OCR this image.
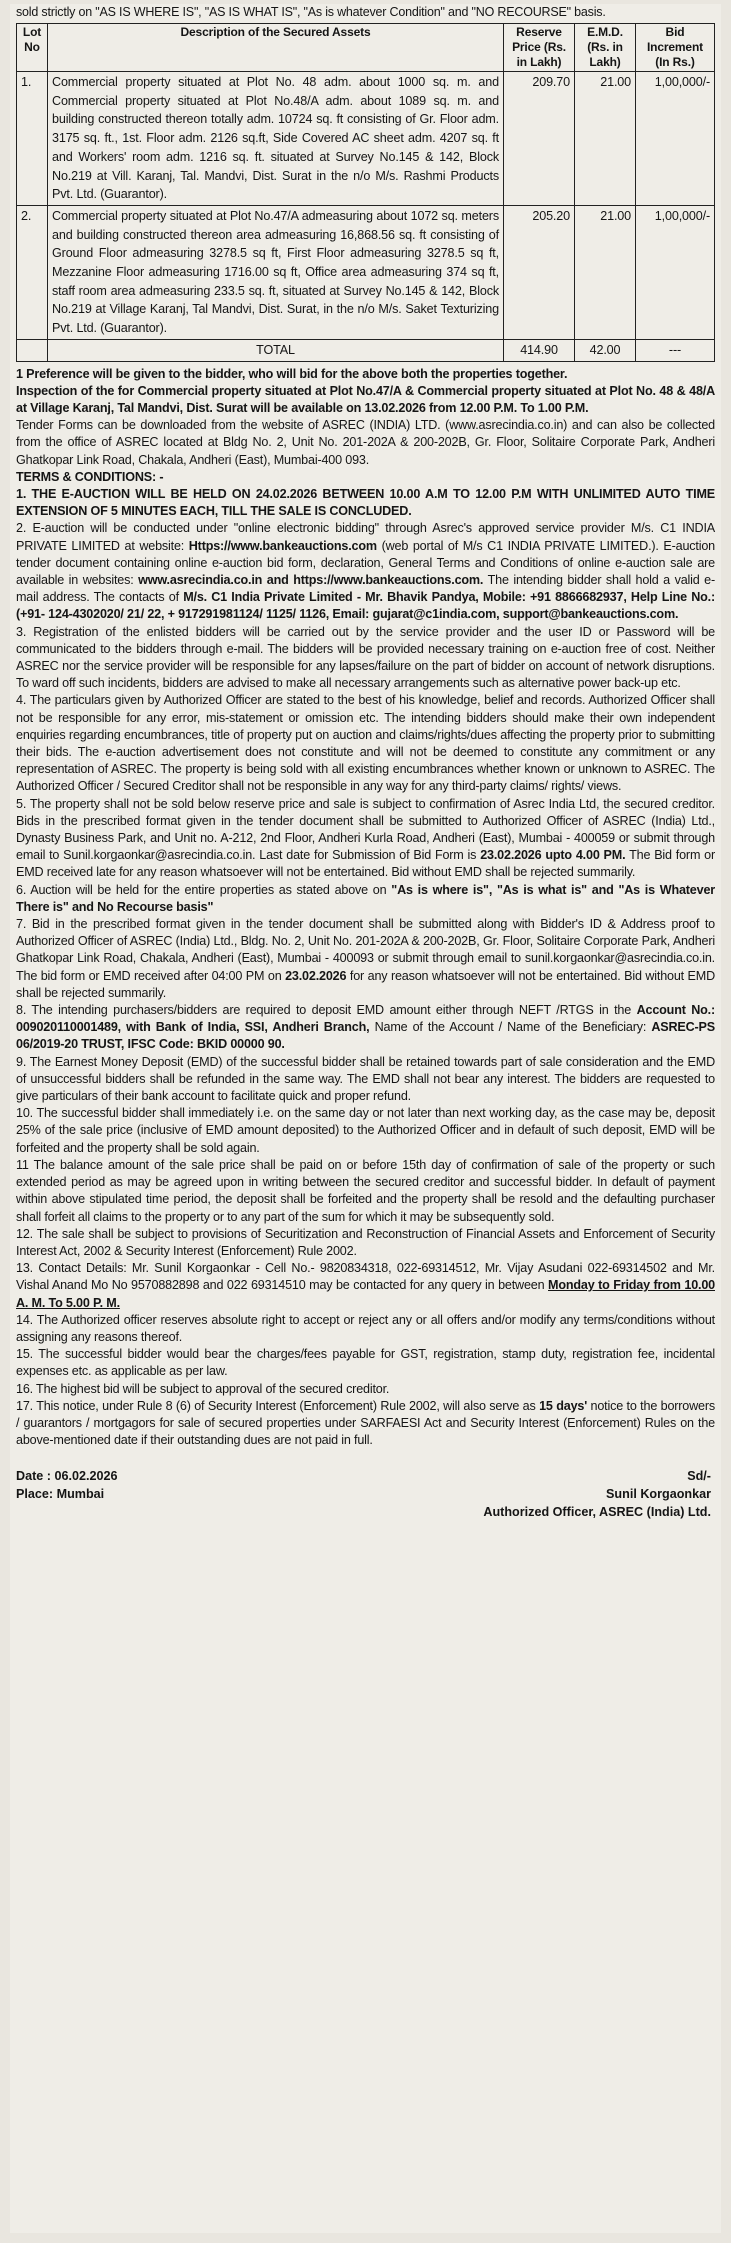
sold strictly on "AS IS WHERE IS", "AS IS WHAT IS", "As is whatever Condition" and "NO RECOURSE" basis.
Lot No	Description of the Secured Assets	Reserve Price (Rs. in Lakh)	E.M.D. (Rs. in Lakh)	Bid Increment (In Rs.)
1.	Commercial property situated at Plot No. 48 adm. about 1000 sq. m. and Commercial property situated at Plot No.48/A adm. about 1089 sq. m. and building constructed thereon totally adm. 10724 sq. ft consisting of Gr. Floor adm. 3175 sq. ft., 1st. Floor adm. 2126 sq.ft, Side Covered AC sheet adm. 4207 sq. ft and Workers' room adm. 1216 sq. ft. situated at Survey No.145 & 142, Block No.219 at Vill. Karanj, Tal. Mandvi, Dist. Surat in the n/o M/s. Rashmi Products Pvt. Ltd. (Guarantor).	209.70	21.00	1,00,000/-
2.	Commercial property situated at Plot No.47/A admeasuring about 1072 sq. meters and building constructed thereon area admeasuring 16,868.56 sq. ft consisting of Ground Floor admeasuring 3278.5 sq ft, First Floor admeasuring 3278.5 sq ft, Mezzanine Floor admeasuring 1716.00 sq ft, Office area admeasuring 374 sq ft, staff room area admeasuring 233.5 sq. ft, situated at Survey No.145 & 142, Block No.219 at Village Karanj, Tal Mandvi, Dist. Surat, in the n/o M/s. Saket Texturizing Pvt. Ltd. (Guarantor).	205.20	21.00	1,00,000/-
	TOTAL	414.90	42.00	---

1 Preference will be given to the bidder, who will bid for the above both the properties together.

Inspection of the for Commercial property situated at Plot No.47/A & Commercial property situated at Plot No. 48 & 48/A at Village Karanj, Tal Mandvi, Dist. Surat will be available on 13.02.2026 from 12.00 P.M. To 1.00 P.M.

Tender Forms can be downloaded from the website of ASREC (INDIA) LTD. (www.asrecindia.co.in) and can also be collected from the office of ASREC located at Bldg No. 2, Unit No. 201-202A & 200-202B, Gr. Floor, Solitaire Corporate Park, Andheri Ghatkopar Link Road, Chakala, Andheri (East), Mumbai-400 093.

TERMS & CONDITIONS: -

1. THE E-AUCTION WILL BE HELD ON 24.02.2026 BETWEEN 10.00 A.M TO 12.00 P.M WITH UNLIMITED AUTO TIME EXTENSION OF 5 MINUTES EACH, TILL THE SALE IS CONCLUDED.

2. E-auction will be conducted under "online electronic bidding" through Asrec's approved service provider M/s. C1 INDIA PRIVATE LIMITED at website: Https://www.bankeauctions.com (web portal of M/s C1 INDIA PRIVATE LIMITED.). E-auction tender document containing online e-auction bid form, declaration, General Terms and Conditions of online e-auction sale are available in websites: www.asrecindia.co.in and https://www.bankeauctions.com. The intending bidder shall hold a valid e-mail address. The contacts of M/s. C1 India Private Limited - Mr. Bhavik Pandya, Mobile: +91 8866682937, Help Line No.: (+91- 124-4302020/ 21/ 22, + 917291981124/ 1125/ 1126, Email: gujarat@c1india.com, support@bankeauctions.com.

3. Registration of the enlisted bidders will be carried out by the service provider and the user ID or Password will be communicated to the bidders through e-mail. The bidders will be provided necessary training on e-auction free of cost. Neither ASREC nor the service provider will be responsible for any lapses/failure on the part of bidder on account of network disruptions. To ward off such incidents, bidders are advised to make all necessary arrangements such as alternative power back-up etc.

4. The particulars given by Authorized Officer are stated to the best of his knowledge, belief and records. Authorized Officer shall not be responsible for any error, mis-statement or omission etc. The intending bidders should make their own independent enquiries regarding encumbrances, title of property put on auction and claims/rights/dues affecting the property prior to submitting their bids. The e-auction advertisement does not constitute and will not be deemed to constitute any commitment or any representation of ASREC. The property is being sold with all existing encumbrances whether known or unknown to ASREC. The Authorized Officer / Secured Creditor shall not be responsible in any way for any third-party claims/ rights/ views.

5. The property shall not be sold below reserve price and sale is subject to confirmation of Asrec India Ltd, the secured creditor. Bids in the prescribed format given in the tender document shall be submitted to Authorized Officer of ASREC (India) Ltd., Dynasty Business Park, and Unit no. A-212, 2nd Floor, Andheri Kurla Road, Andheri (East), Mumbai - 400059 or submit through email to Sunil.korgaonkar@asrecindia.co.in. Last date for Submission of Bid Form is 23.02.2026 upto 4.00 PM. The Bid form or EMD received late for any reason whatsoever will not be entertained. Bid without EMD shall be rejected summarily.

6. Auction will be held for the entire properties as stated above on "As is where is", "As is what is" and "As is Whatever There is" and No Recourse basis"

7. Bid in the prescribed format given in the tender document shall be submitted along with Bidder's ID & Address proof to Authorized Officer of ASREC (India) Ltd., Bldg. No. 2, Unit No. 201-202A & 200-202B, Gr. Floor, Solitaire Corporate Park, Andheri Ghatkopar Link Road, Chakala, Andheri (East), Mumbai - 400093 or submit through email to sunil.korgaonkar@asrecindia.co.in. The bid form or EMD received after 04:00 PM on 23.02.2026 for any reason whatsoever will not be entertained. Bid without EMD shall be rejected summarily.

8. The intending purchasers/bidders are required to deposit EMD amount either through NEFT /RTGS in the Account No.: 009020110001489, with Bank of India, SSI, Andheri Branch, Name of the Account / Name of the Beneficiary: ASREC-PS 06/2019-20 TRUST, IFSC Code: BKID 00000 90.

9. The Earnest Money Deposit (EMD) of the successful bidder shall be retained towards part of sale consideration and the EMD of unsuccessful bidders shall be refunded in the same way. The EMD shall not bear any interest. The bidders are requested to give particulars of their bank account to facilitate quick and proper refund.

10. The successful bidder shall immediately i.e. on the same day or not later than next working day, as the case may be, deposit 25% of the sale price (inclusive of EMD amount deposited) to the Authorized Officer and in default of such deposit, EMD will be forfeited and the property shall be sold again.

11 The balance amount of the sale price shall be paid on or before 15th day of confirmation of sale of the property or such extended period as may be agreed upon in writing between the secured creditor and successful bidder. In default of payment within above stipulated time period, the deposit shall be forfeited and the property shall be resold and the defaulting purchaser shall forfeit all claims to the property or to any part of the sum for which it may be subsequently sold.

12. The sale shall be subject to provisions of Securitization and Reconstruction of Financial Assets and Enforcement of Security Interest Act, 2002 & Security Interest (Enforcement) Rule 2002.

13. Contact Details: Mr. Sunil Korgaonkar - Cell No.- 9820834318, 022-69314512, Mr. Vijay Asudani 022-69314502 and Mr. Vishal Anand Mo No 9570882898 and 022 69314510 may be contacted for any query in between Monday to Friday from 10.00 A. M. To 5.00 P. M.

14. The Authorized officer reserves absolute right to accept or reject any or all offers and/or modify any terms/conditions without assigning any reasons thereof.

15. The successful bidder would bear the charges/fees payable for GST, registration, stamp duty, registration fee, incidental expenses etc. as applicable as per law.

16. The highest bid will be subject to approval of the secured creditor.

17. This notice, under Rule 8 (6) of Security Interest (Enforcement) Rule 2002, will also serve as 15 days' notice to the borrowers / guarantors / mortgagors for sale of secured properties under SARFAESI Act and Security Interest (Enforcement) Rules on the above-mentioned date if their outstanding dues are not paid in full.

Date : 06.02.2026
Place: Mumbai
Sd/-
Sunil Korgaonkar
Authorized Officer, ASREC (India) Ltd.
